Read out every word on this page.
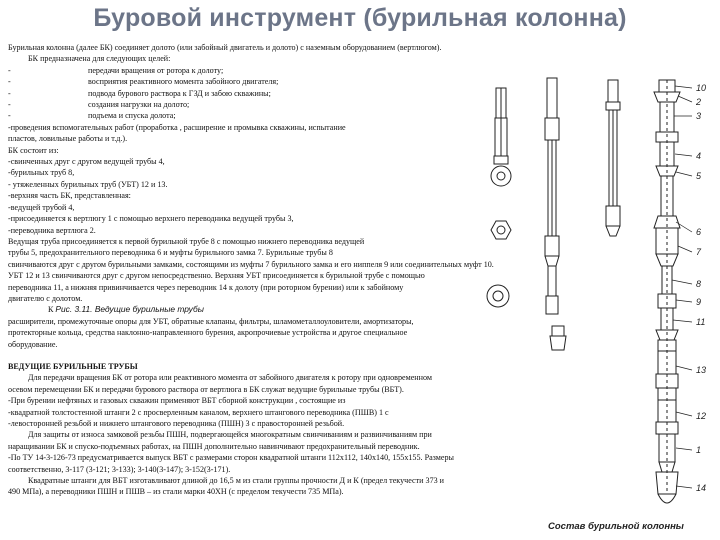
Буровой инструмент (бурильная колонна)
Бурильная колонна (далее БК) соединяет долото (или забойный двигатель и долото) с наземным оборудованием (вертлюгом).
БК предназначена для следующих целей:
-	передачи вращения от ротора к долоту;
-	восприятия реактивного момента забойного двигателя;
-	подвода бурового раствора к ГЗД и забою скважины;
-	создания нагрузки на долото;
-	подъема и спуска долота;
-проведения вспомогательных работ (проработка , расширение и промывка скважины, испытание
пластов, ловильные работы и т.д.).
БК состоит из:
-свинченных друг с другом ведущей трубы 4,
-бурильных труб 8,
- утяжеленных бурильных труб (УБТ) 12 и 13.
-верхняя часть БК, представленная:
-ведущей трубой 4,
-присоединяется к вертлюгу 1 с помощью верхнего переводника ведущей трубы 3,
-переводника вертлюга 2.
Ведущая труба присоединяется к первой бурильной трубе 8 с помощью нижнего переводника ведущей
трубы 5, предохранительного переводника 6 и муфты бурильного замка 7. Бурильные трубы 8
свинчиваются друг с другом бурильными замками, состоящими из муфты 7 бурильного замка и его ниппеля 9 или соединительных муфт 10.
УБТ 12 и 13 свинчиваются друг с другом непосредственно. Верхняя УБТ присоединяется к бурильной трубе с помощью
переводника 11, а нижняя привинчивается через переводник 14 к долоту (при роторном бурении) или к забойному
двигателю с долотом.
К Рис. 3.11. Ведущие бурильные трубы
расширители, промежуточные опоры для УБТ, обратные клапаны, фильтры, шламометаллоуловители, амортизаторы,
протекторные кольца, средства наклонно-направленного бурения, акропрочиевые устройства и другое специальное
оборудование.
ВЕДУЩИЕ БУРИЛЬНЫЕ ТРУБЫ
Для передачи вращения БК от ротора или реактивного момента от забойного двигателя к ротору при одновременном
осевом перемещении БК и передачи бурового раствора от вертлюга в БК служат ведущие бурильные трубы (ВБТ).
-При бурении нефтяных и газовых скважин применяют ВБТ сборной конструкции , состоящие из
-квадратной толстостенной штанги 2 с просверленным каналом, верхнего штангового переводника (ПШВ) 1 с
-левосторонней резьбой и нижнего штангового переводника (ПШН) 3 с правосторонней резьбой.
Для защиты от износа замковой резьбы ПШН, подвергающейся многократным свинчиваниям и развинчиваниям при
наращивании БК и спуско-подъемных работах, на ПШН дополнительно навинчивают предохранительный переводник.
-По ТУ 14-3-126-73 предусматривается выпуск ВБТ с размерами сторон квадратной штанги 112х112, 140х140, 155х155. Размеры
соответственно, 3-117 (3-121; 3-133); 3-140(3-147); 3-152(3-171).
Квадратные штанги для ВБТ изготавливают длиной до 16,5 м из стали группы прочности Д и К (предел текучести 373 и
490 МПа), а переводники ПШН и ПШВ – из стали марки 40ХН (с пределом текучести 735 МПа).
10
2
3
4
5
6
7
8
9
11
13
12
1
14
Состав бурильной колонны
